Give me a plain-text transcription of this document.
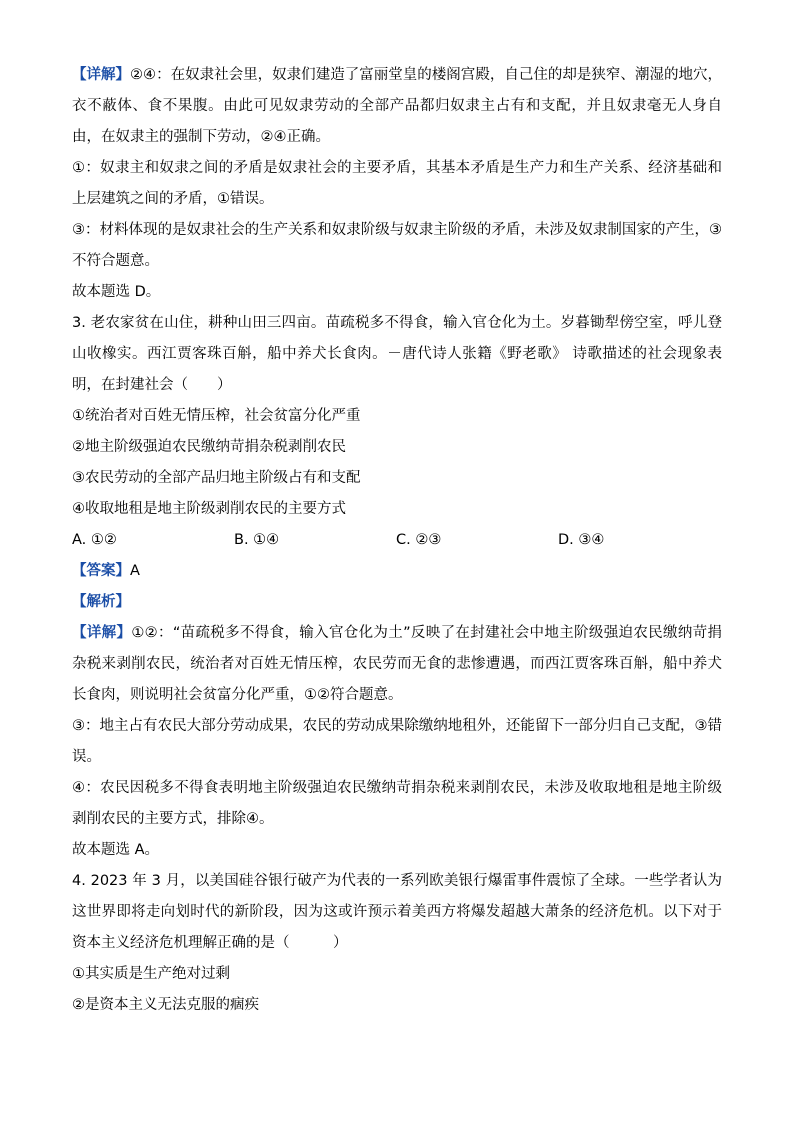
【详解】②④：在奴隶社会里，奴隶们建造了富丽堂皇的楼阁宫殿，自己住的却是狭窄、潮湿的地穴，衣不蔽体、食不果腹。由此可见奴隶劳动的全部产品都归奴隶主占有和支配，并且奴隶毫无人身自由，在奴隶主的强制下劳动，②④正确。

①：奴隶主和奴隶之间的矛盾是奴隶社会的主要矛盾，其基本矛盾是生产力和生产关系、经济基础和上层建筑之间的矛盾，①错误。

③：材料体现的是奴隶社会的生产关系和奴隶阶级与奴隶主阶级的矛盾，未涉及奴隶制国家的产生，③不符合题意。

故本题选 D。

3. 老农家贫在山住，耕种山田三四亩。苗疏税多不得食，输入官仓化为土。岁暮锄犁傍空室，呼儿登山收橡实。西江贾客珠百斛，船中养犬长食肉。－唐代诗人张籍《野老歌》 诗歌描述的社会现象表明，在封建社会（　　）

①统治者对百姓无情压榨，社会贫富分化严重

②地主阶级强迫农民缴纳苛捐杂税剥削农民

③农民劳动的全部产品归地主阶级占有和支配

④收取地租是地主阶级剥削农民的主要方式

A. ①②	B. ①④	C. ②③	D. ③④

【答案】A

【解析】

【详解】①②：“苗疏税多不得食，输入官仓化为土”反映了在封建社会中地主阶级强迫农民缴纳苛捐杂税来剥削农民，统治者对百姓无情压榨，农民劳而无食的悲惨遭遇，而西江贾客珠百斛，船中养犬长食肉，则说明社会贫富分化严重，①②符合题意。

③：地主占有农民大部分劳动成果，农民的劳动成果除缴纳地租外，还能留下一部分归自己支配，③错误。

④：农民因税多不得食表明地主阶级强迫农民缴纳苛捐杂税来剥削农民，未涉及收取地租是地主阶级剥削农民的主要方式，排除④。

故本题选 A。

4. 2023 年 3 月，以美国硅谷银行破产为代表的一系列欧美银行爆雷事件震惊了全球。一些学者认为这世界即将走向划时代的新阶段，因为这或许预示着美西方将爆发超越大萧条的经济危机。以下对于资本主义经济危机理解正确的是（　　　）

①其实质是生产绝对过剩

②是资本主义无法克服的痼疾
